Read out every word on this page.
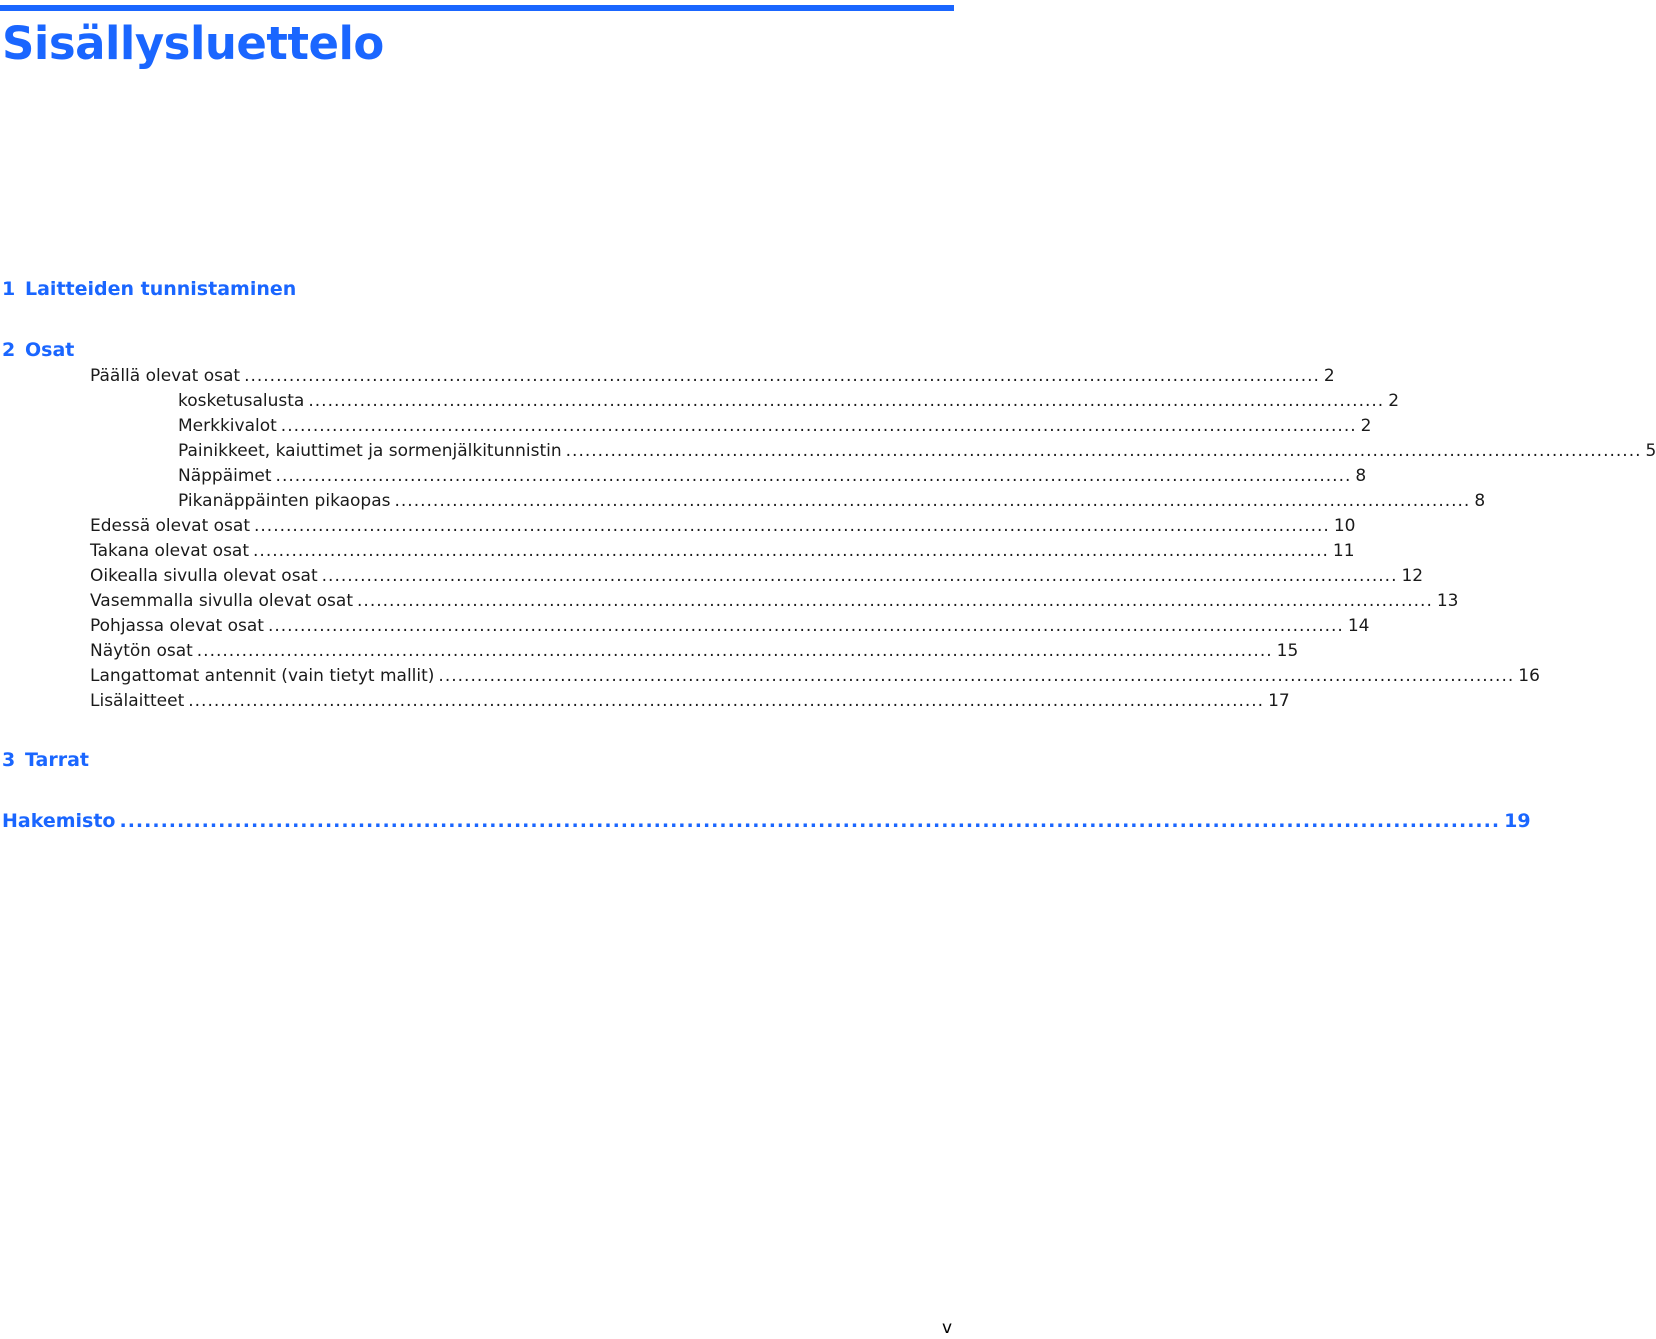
Sisällysluettelo
1 Laitteiden tunnistaminen
2 Osat
Päällä olevat osat ........................................................................................................................................................................ 2
kosketusalusta ........................................................................................................................................................................ 2
Merkkivalot ........................................................................................................................................................................ 2
Painikkeet, kaiuttimet ja sormenjälkitunnistin ........................................................................................................................................................................ 5
Näppäimet ........................................................................................................................................................................ 8
Pikanäppäinten pikaopas ........................................................................................................................................................................ 8
Edessä olevat osat ........................................................................................................................................................................ 10
Takana olevat osat ........................................................................................................................................................................ 11
Oikealla sivulla olevat osat ........................................................................................................................................................................ 12
Vasemmalla sivulla olevat osat ........................................................................................................................................................................ 13
Pohjassa olevat osat ........................................................................................................................................................................ 14
Näytön osat ........................................................................................................................................................................ 15
Langattomat antennit (vain tietyt mallit) ........................................................................................................................................................................ 16
Lisälaitteet ........................................................................................................................................................................ 17
3 Tarrat
Hakemisto ........................................................................................................................................................................ 19
v
